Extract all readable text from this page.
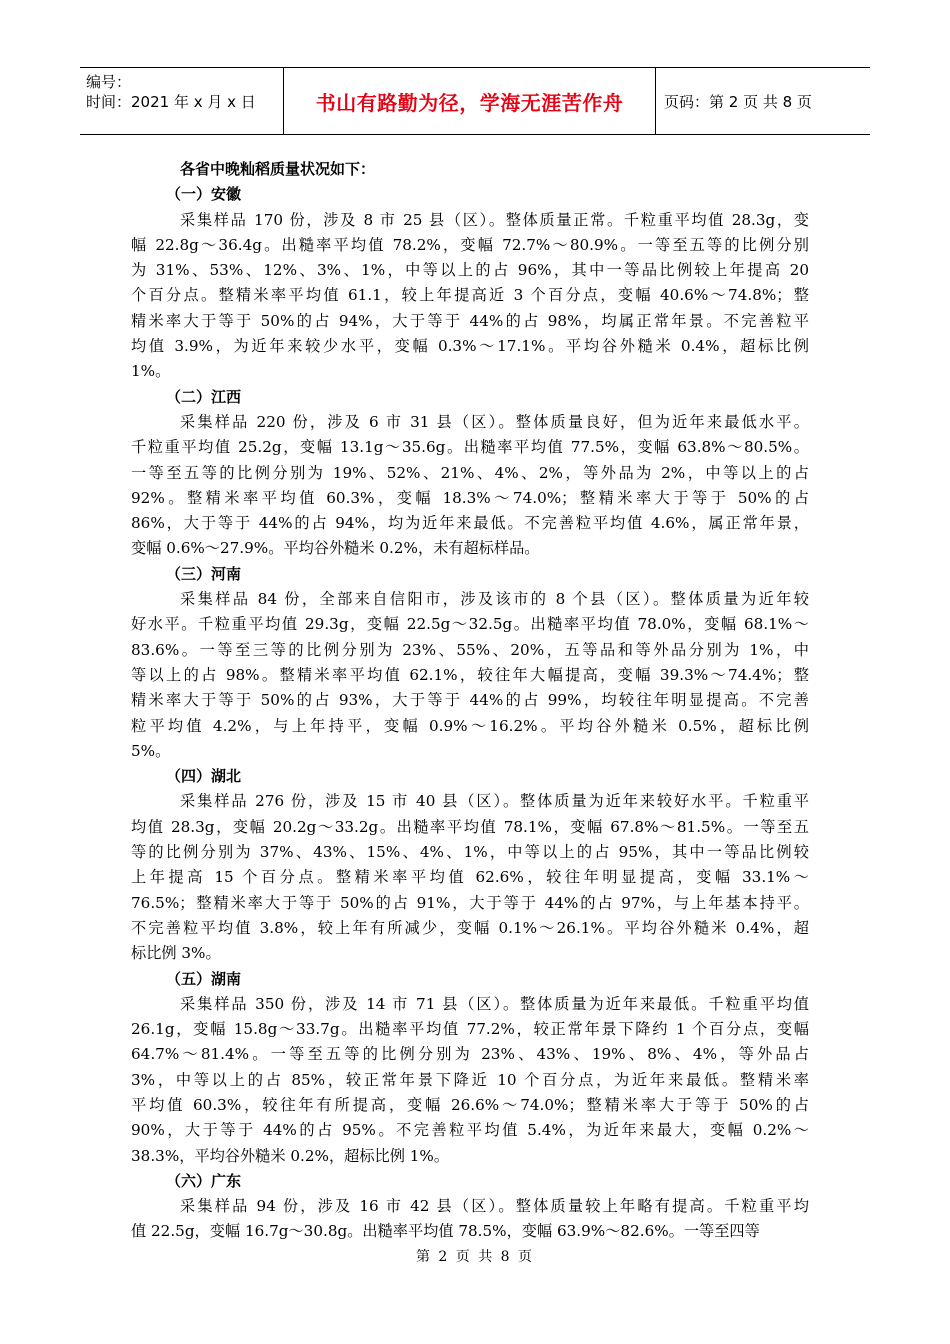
编号：
时间：2021 年 x 月 x 日	书山有路勤为径，学海无涯苦作舟	页码：第 2 页 共 8 页
各省中晚籼稻质量状况如下：
（一）安徽
采集样品 170 份，涉及 8 市 25 县（区）。整体质量正常。千粒重平均值 28.3g，变
幅 22.8g～36.4g。出糙率平均值 78.2%，变幅 72.7%～80.9%。一等至五等的比例分别
为 31%、53%、12%、3%、1%，中等以上的占 96%，其中一等品比例较上年提高 20
个百分点。整精米率平均值 61.1，较上年提高近 3 个百分点，变幅 40.6%～74.8%；整
精米率大于等于 50%的占 94%，大于等于 44%的占 98%，均属正常年景。不完善粒平
均值 3.9%，为近年来较少水平，变幅 0.3%～17.1%。平均谷外糙米 0.4%，超标比例
1%。
（二）江西
采集样品 220 份，涉及 6 市 31 县（区）。整体质量良好，但为近年来最低水平。
千粒重平均值 25.2g，变幅 13.1g～35.6g。出糙率平均值 77.5%，变幅 63.8%～80.5%。
一等至五等的比例分别为 19%、52%、21%、4%、2%，等外品为 2%，中等以上的占
92%。整精米率平均值 60.3%，变幅 18.3%～74.0%；整精米率大于等于 50%的占
86%，大于等于 44%的占 94%，均为近年来最低。不完善粒平均值 4.6%，属正常年景，
变幅 0.6%～27.9%。平均谷外糙米 0.2%，未有超标样品。
（三）河南
采集样品 84 份，全部来自信阳市，涉及该市的 8 个县（区）。整体质量为近年较
好水平。千粒重平均值 29.3g，变幅 22.5g～32.5g。出糙率平均值 78.0%，变幅 68.1%～
83.6%。一等至三等的比例分别为 23%、55%、20%，五等品和等外品分别为 1%，中
等以上的占 98%。整精米率平均值 62.1%，较往年大幅提高，变幅 39.3%～74.4%；整
精米率大于等于 50%的占 93%，大于等于 44%的占 99%，均较往年明显提高。不完善
粒平均值 4.2%，与上年持平，变幅 0.9%～16.2%。平均谷外糙米 0.5%，超标比例
5%。
（四）湖北
采集样品 276 份，涉及 15 市 40 县（区）。整体质量为近年来较好水平。千粒重平
均值 28.3g，变幅 20.2g～33.2g。出糙率平均值 78.1%，变幅 67.8%～81.5%。一等至五
等的比例分别为 37%、43%、15%、4%、1%，中等以上的占 95%，其中一等品比例较
上年提高 15 个百分点。整精米率平均值 62.6%，较往年明显提高，变幅 33.1%～
76.5%；整精米率大于等于 50%的占 91%，大于等于 44%的占 97%，与上年基本持平。
不完善粒平均值 3.8%，较上年有所减少，变幅 0.1%～26.1%。平均谷外糙米 0.4%，超
标比例 3%。
（五）湖南
采集样品 350 份，涉及 14 市 71 县（区）。整体质量为近年来最低。千粒重平均值
26.1g，变幅 15.8g～33.7g。出糙率平均值 77.2%，较正常年景下降约 1 个百分点，变幅
64.7%～81.4%。一等至五等的比例分别为 23%、43%、19%、8%、4%，等外品占
3%，中等以上的占 85%，较正常年景下降近 10 个百分点，为近年来最低。整精米率
平均值 60.3%，较往年有所提高，变幅 26.6%～74.0%；整精米率大于等于 50%的占
90%，大于等于 44%的占 95%。不完善粒平均值 5.4%，为近年来最大，变幅 0.2%～
38.3%，平均谷外糙米 0.2%，超标比例 1%。
（六）广东
采集样品 94 份，涉及 16 市 42 县（区）。整体质量较上年略有提高。千粒重平均
值 22.5g，变幅 16.7g～30.8g。出糙率平均值 78.5%，变幅 63.9%～82.6%。一等至四等
第 2 页 共 8 页
